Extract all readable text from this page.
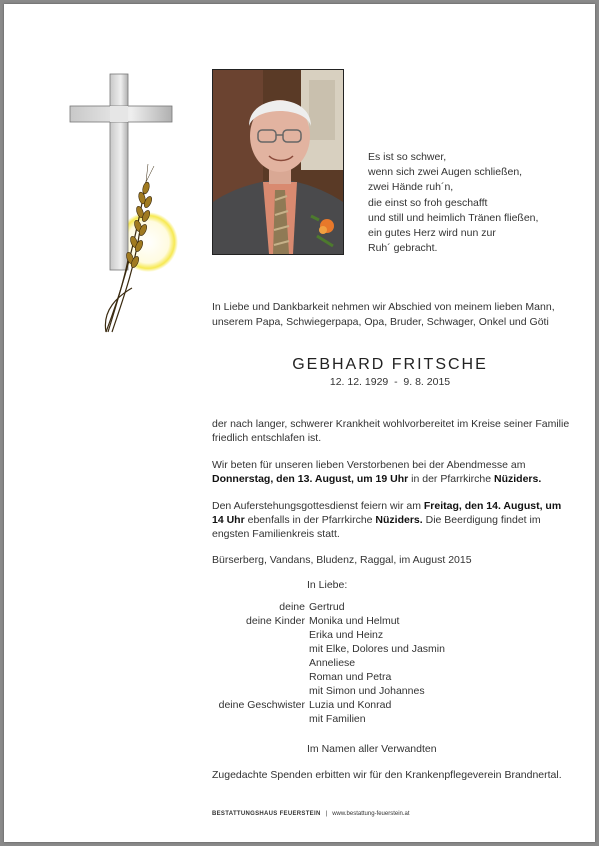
Es ist so schwer,
wenn sich zwei Augen schließen,
zwei Hände ruh´n,
die einst so froh geschafft
und still und heimlich Tränen fließen,
ein gutes Herz wird nun zur
Ruh´ gebracht.
In Liebe und Dankbarkeit nehmen wir Abschied von meinem lieben Mann, unserem Papa, Schwiegerpapa, Opa, Bruder, Schwager, Onkel und Göti
GEBHARD FRITSCHE
12. 12. 1929  -  9. 8. 2015
der nach langer, schwerer Krankheit wohlvorbereitet im Kreise seiner Familie friedlich entschlafen ist.
Wir beten für unseren lieben Verstorbenen bei der Abendmesse am Donnerstag, den 13. August, um 19 Uhr in der Pfarrkirche Nüziders.
Den Auferstehungsgottesdienst feiern wir am Freitag, den 14. August, um 14 Uhr ebenfalls in der Pfarrkirche Nüziders. Die Beerdigung findet im engsten Familienkreis statt.
Bürserberg, Vandans, Bludenz, Raggal, im August 2015
In Liebe:
deine Gertrud
deine Kinder Monika und Helmut
Erika und Heinz
mit Elke, Dolores und Jasmin
Anneliese
Roman und Petra
mit Simon und Johannes
deine Geschwister Luzia und Konrad
mit Familien
Im Namen aller Verwandten
Zugedachte Spenden erbitten wir für den Krankenpflegeverein Brandnertal.
BESTATTUNGSHAUS FEUERSTEIN | www.bestattung-feuerstein.at
